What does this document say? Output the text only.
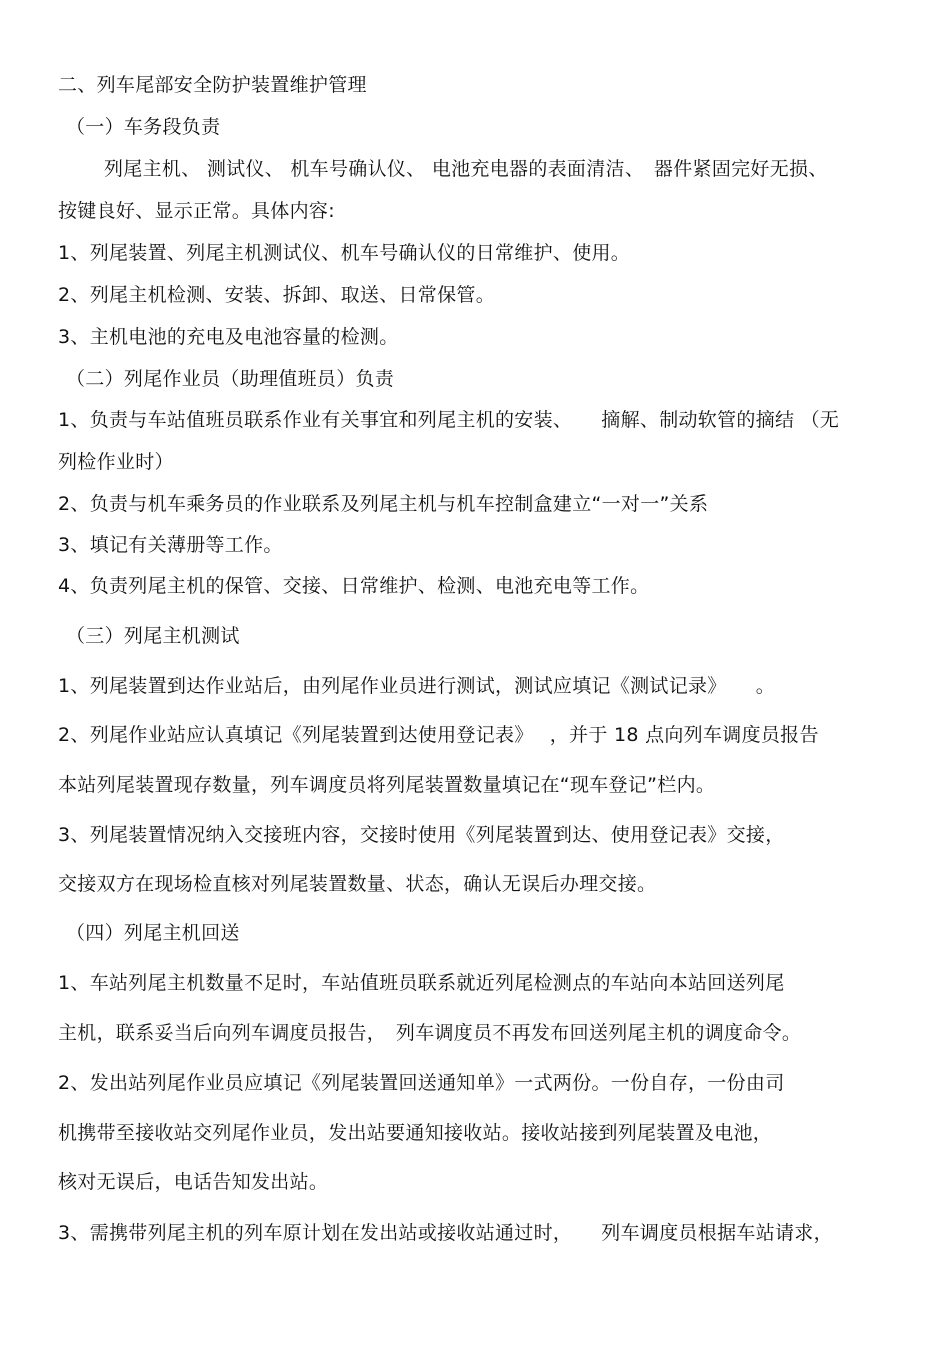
二、列车尾部安全防护装置维护管理

（一）车务段负责

列尾主机、 测试仪、 机车号确认仪、 电池充电器的表面清洁、　器件紧固完好无损、

按键良好、显示正常。具体内容:

1、列尾装置、列尾主机测试仪、机车号确认仪的日常维护、使用。

2、列尾主机检测、安装、拆卸、取送、日常保管。

3、主机电池的充电及电池容量的检测。

（二）列尾作业员（助理值班员）负责

1、负责与车站值班员联系作业有关事宜和列尾主机的安装、　　摘解、制动软管的摘结 （无

列检作业时）

2、负责与机车乘务员的作业联系及列尾主机与机车控制盒建立“一对一”关系

3、填记有关薄册等工作。

4、负责列尾主机的保管、交接、日常维护、检测、电池充电等工作。

（三）列尾主机测试

1、列尾装置到达作业站后，由列尾作业员进行测试，测试应填记《测试记录》　　。

2、列尾作业站应认真填记《列尾装置到达使用登记表》　 ，并于 18 点向列车调度员报告

本站列尾装置现存数量，列车调度员将列尾装置数量填记在“现车登记”栏内。

3、列尾装置情况纳入交接班内容，交接时使用《列尾装置到达、使用登记表》交接，

交接双方在现场检直核对列尾装置数量、状态，确认无误后办理交接。

（四）列尾主机回送

1、车站列尾主机数量不足时，车站值班员联系就近列尾检测点的车站向本站回送列尾

主机，联系妥当后向列车调度员报告，　列车调度员不再发布回送列尾主机的调度命令。

2、发出站列尾作业员应填记《列尾装置回送通知单》一式两份。一份自存，一份由司

机携带至接收站交列尾作业员，发出站要通知接收站。接收站接到列尾装置及电池，

核对无误后，电话告知发出站。

3、需携带列尾主机的列车原计划在发出站或接收站通过时，　　列车调度员根据车站请求，
